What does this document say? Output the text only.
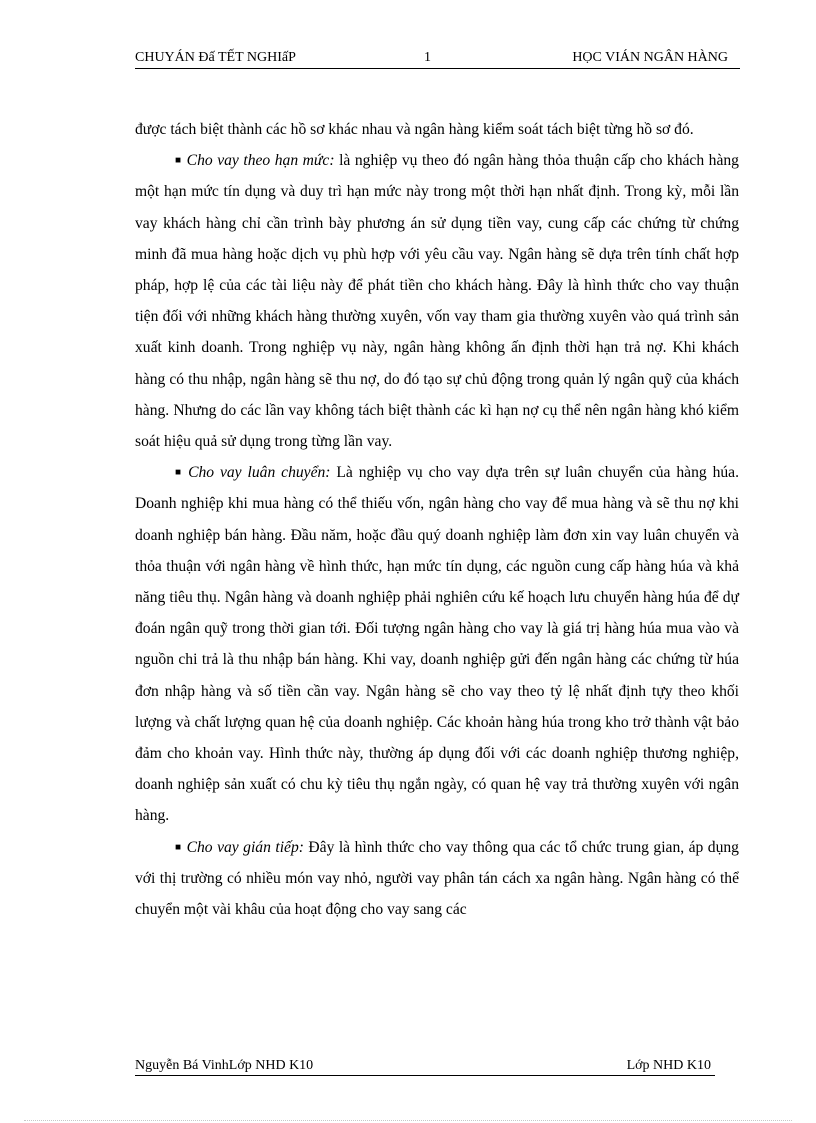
CHUYÁN Đấ TẾT NGHIấP	1	HỌC VIÁN NGÂN HÀNG

được tách biệt thành các hồ sơ khác nhau và ngân hàng kiểm soát tách biệt từng hồ sơ đó.

■ Cho vay theo hạn mức: là nghiệp vụ theo đó ngân hàng thỏa thuận cấp cho khách hàng một hạn mức tín dụng và duy trì hạn mức này trong một thời hạn nhất định. Trong kỳ, mỗi lần vay khách hàng chỉ cần trình bày phương án sử dụng tiền vay, cung cấp các chứng từ chứng minh đã mua hàng hoặc dịch vụ phù hợp với yêu cầu vay. Ngân hàng sẽ dựa trên tính chất hợp pháp, hợp lệ của các tài liệu này để phát tiền cho khách hàng. Đây là hình thức cho vay thuận tiện đối với những khách hàng thường xuyên, vốn vay tham gia thường xuyên vào quá trình sản xuất kinh doanh. Trong nghiệp vụ này, ngân hàng không ấn định thời hạn trả nợ. Khi khách hàng có thu nhập, ngân hàng sẽ thu nợ, do đó tạo sự chủ động trong quản lý ngân quỹ của khách hàng. Nhưng do các lần vay không tách biệt thành các kì hạn nợ cụ thể nên ngân hàng khó kiểm soát hiệu quả sử dụng trong từng lần vay.

■ Cho vay luân chuyển: Là nghiệp vụ cho vay dựa trên sự luân chuyển của hàng húa. Doanh nghiệp khi mua hàng có thể thiếu vốn, ngân hàng cho vay để mua hàng và sẽ thu nợ khi doanh nghiệp bán hàng. Đầu năm, hoặc đầu quý doanh nghiệp làm đơn xin vay luân chuyển và thỏa thuận với ngân hàng về hình thức, hạn mức tín dụng, các nguồn cung cấp hàng húa và khả năng tiêu thụ. Ngân hàng và doanh nghiệp phải nghiên cứu kế hoạch lưu chuyển hàng húa để dự đoán ngân quỹ trong thời gian tới. Đối tượng ngân hàng cho vay là giá trị hàng húa mua vào và nguồn chi trả là thu nhập bán hàng. Khi vay, doanh nghiệp gửi đến ngân hàng các chứng từ húa đơn nhập hàng và số tiền cần vay. Ngân hàng sẽ cho vay theo tỷ lệ nhất định tựy theo khối lượng và chất lượng quan hệ của doanh nghiệp. Các khoản hàng húa trong kho trở thành vật bảo đảm cho khoản vay. Hình thức này, thường áp dụng đối với các doanh nghiệp thương nghiệp, doanh nghiệp sản xuất có chu kỳ tiêu thụ ngắn ngày, có quan hệ vay trả thường xuyên với ngân hàng.

■ Cho vay gián tiếp: Đây là hình thức cho vay thông qua các tổ chức trung gian, áp dụng với thị trường có nhiều món vay nhỏ, người vay phân tán cách xa ngân hàng. Ngân hàng có thể chuyển một vài khâu của hoạt động cho vay sang các

Nguyễn Bá VinhLớp NHD K10	Lớp NHD K10
